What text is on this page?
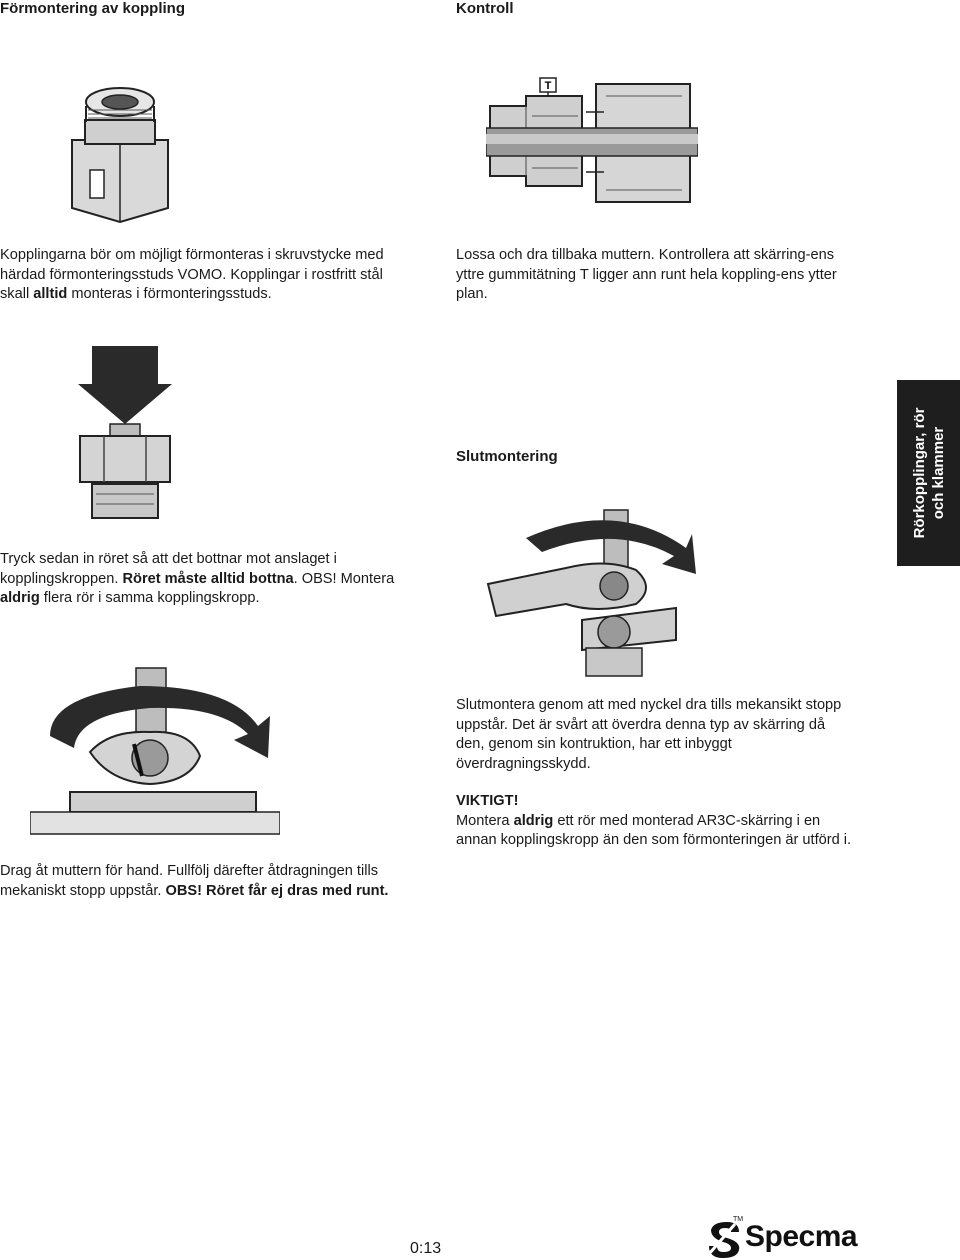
Förmontering av koppling	Kontroll
Slutmontering
T
Kopplingarna bör om möjligt förmonteras i skruvstycke med härdad förmonteringsstuds VOMO. Kopplingar i rostfritt stål skall alltid monteras i förmonteringsstuds.
Lossa och dra tillbaka muttern. Kontrollera att skärring-ens yttre gummitätning T ligger ann runt hela koppling-ens ytter plan.
Tryck sedan in röret så att det bottnar mot anslaget i kopplingskroppen. Röret måste alltid bottna. OBS! Montera aldrig flera rör i samma kopplingskropp.
Rörkopplingar, rör och klammer
Drag åt muttern för hand. Fullfölj därefter åtdragningen tills mekaniskt stopp uppstår. OBS! Röret får ej dras med runt.
Slutmontera genom att med nyckel dra tills mekansikt stopp uppstår. Det är svårt att överdra denna typ av skärring då den, genom sin kontruktion, har ett inbyggt överdragningsskydd.
VIKTIGT!
Montera aldrig ett rör med monterad AR3C-skärring i en annan kopplingskropp än den som förmonteringen är utförd i.
0:13
TM
Specma
